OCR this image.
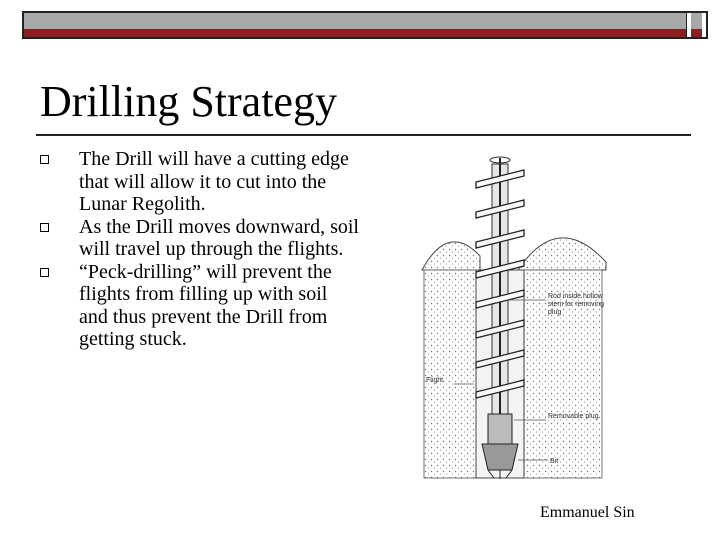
Drilling Strategy
The Drill will have a cutting edge that will allow it to cut into the Lunar Regolith.
As the Drill moves downward, soil will travel up through the flights.
“Peck-drilling” will prevent the flights from filling up with soil and thus prevent the Drill from getting stuck.
Rod inside hollow stem for removing plug
Flight
Removable plug
Bit
Emmanuel Sin
